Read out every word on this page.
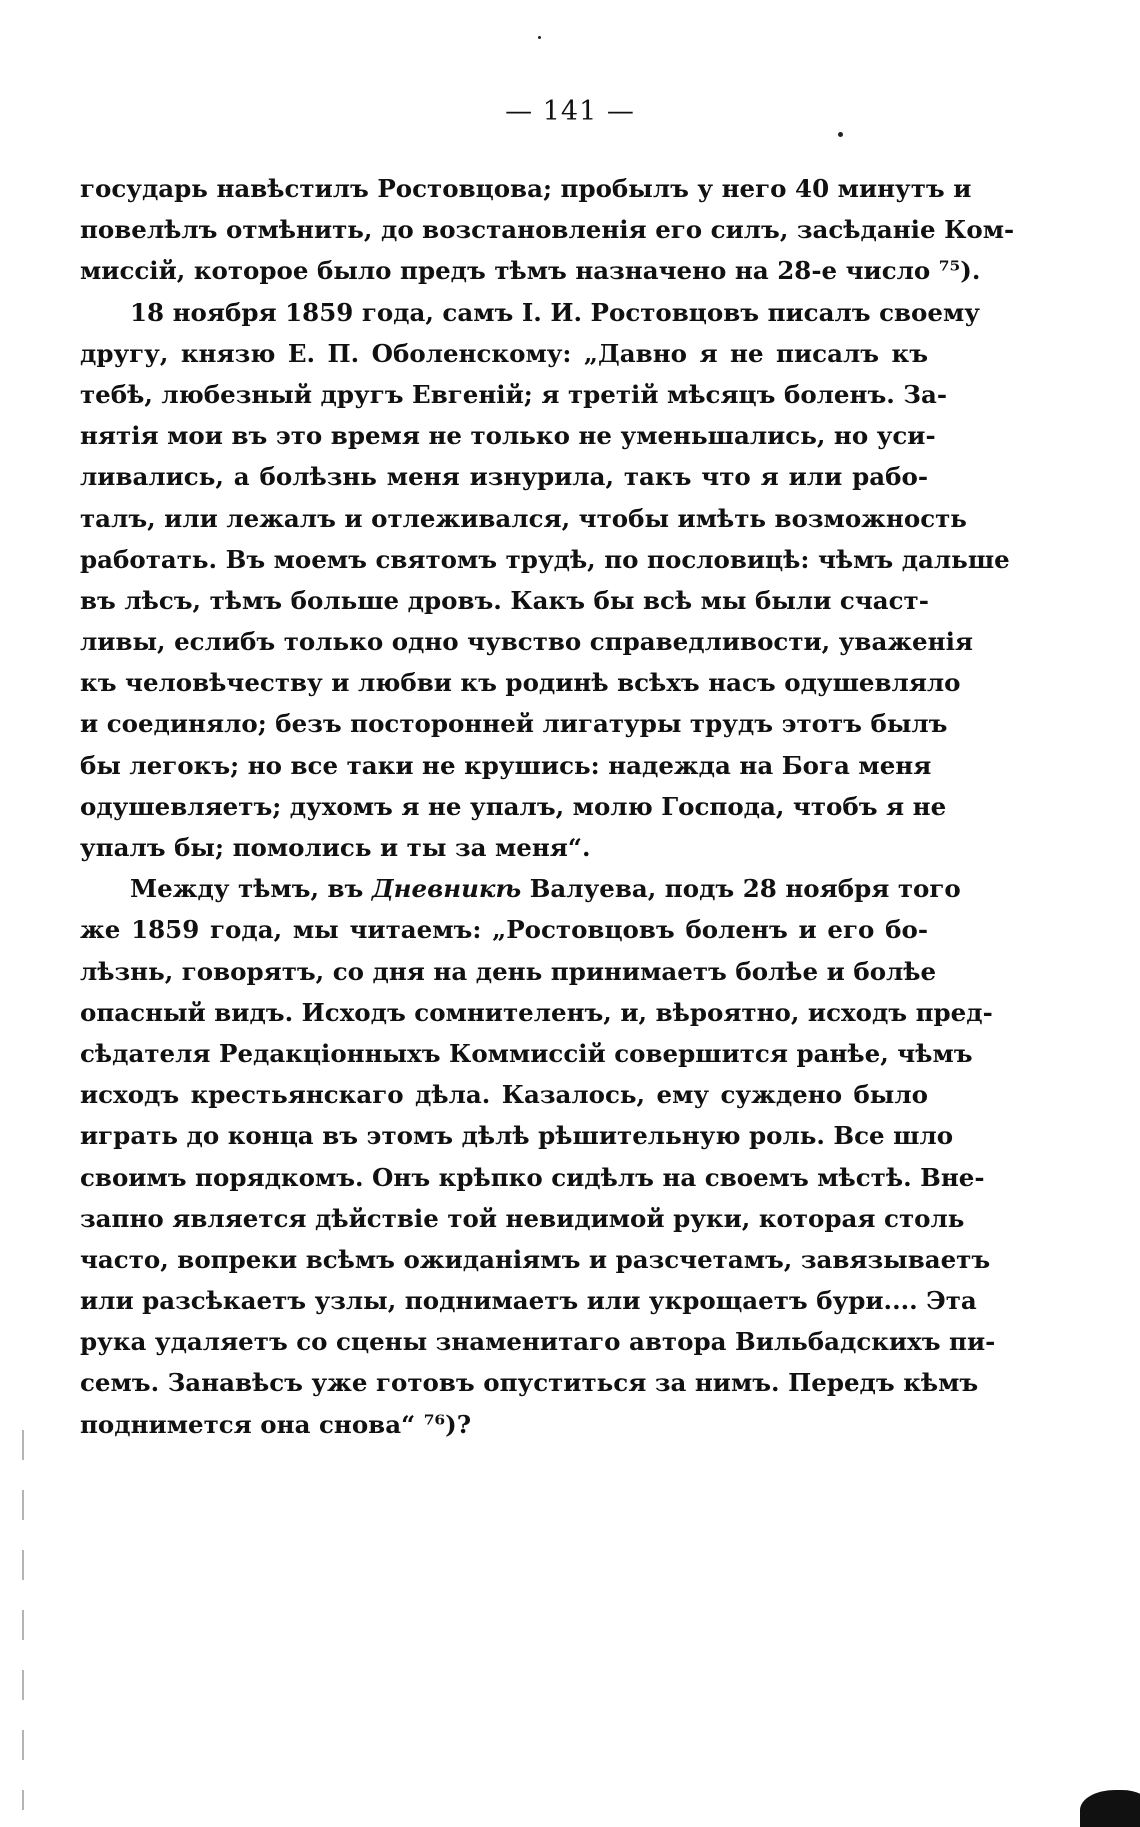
— 141 —
государь навѣстилъ Ростовцова; пробылъ у него 40 минутъ и
повелѣлъ отмѣнить, до возстановленія его силъ, засѣданіе Ком-
миссій, которое было предъ тѣмъ назначено на 28-е число ⁷⁵).
18 ноября 1859 года, самъ I. И. Ростовцовъ писалъ своему
другу, князю Е. П. Оболенскому: „Давно я не писалъ къ
тебѣ, любезный другъ Евгеній; я третій мѣсяцъ боленъ. За-
нятія мои въ это время не только не уменьшались, но уси-
ливались, а болѣзнь меня изнурила, такъ что я или рабо-
талъ, или лежалъ и отлеживался, чтобы имѣть возможность
работать. Въ моемъ святомъ трудѣ, по пословицѣ: чѣмъ дальше
въ лѣсъ, тѣмъ больше дровъ. Какъ бы всѣ мы были счаст-
ливы, еслибъ только одно чувство справедливости, уваженія
къ человѣчеству и любви къ родинѣ всѣхъ насъ одушевляло
и соединяло; безъ посторонней лигатуры трудъ этотъ былъ
бы легокъ; но все таки не крушись: надежда на Бога меня
одушевляетъ; духомъ я не упалъ, молю Господа, чтобъ я не
упалъ бы; помолись и ты за меня“.
Между тѣмъ, въ Дневникѣ Валуева, подъ 28 ноября того
же 1859 года, мы читаемъ: „Ростовцовъ боленъ и его бо-
лѣзнь, говорятъ, со дня на день принимаетъ болѣе и болѣе
опасный видъ. Исходъ сомнителенъ, и, вѣроятно, исходъ пред-
сѣдателя Редакціонныхъ Коммиссій совершится ранѣе, чѣмъ
исходъ крестьянскаго дѣла. Казалось, ему суждено было
играть до конца въ этомъ дѣлѣ рѣшительную роль. Все шло
своимъ порядкомъ. Онъ крѣпко сидѣлъ на своемъ мѣстѣ. Вне-
запно является дѣйствіе той невидимой руки, которая столь
часто, вопреки всѣмъ ожиданіямъ и разсчетамъ, завязываетъ
или разсѣкаетъ узлы, поднимаетъ или укрощаетъ бури.... Эта
рука удаляетъ со сцены знаменитаго автора Вильбадскихъ пи-
семъ. Занавѣсъ уже готовъ опуститься за нимъ. Передъ кѣмъ
поднимется она снова“ ⁷⁶)?
